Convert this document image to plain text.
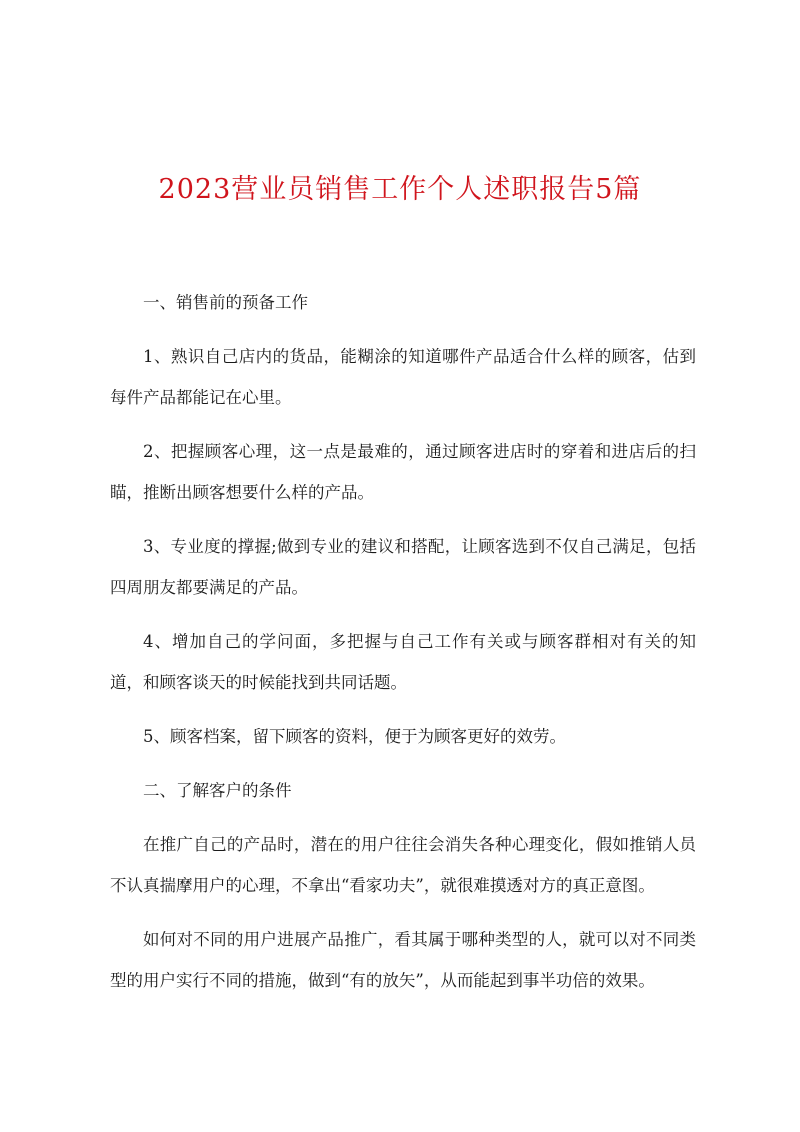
2023营业员销售工作个人述职报告5篇

一、销售前的预备工作

1、熟识自己店内的货品，能糊涂的知道哪件产品适合什么样的顾客，估到每件产品都能记在心里。

2、把握顾客心理，这一点是最难的，通过顾客进店时的穿着和进店后的扫瞄，推断出顾客想要什么样的产品。

3、专业度的撑握;做到专业的建议和搭配，让顾客选到不仅自己满足，包括四周朋友都要满足的产品。

4、增加自己的学问面，多把握与自己工作有关或与顾客群相对有关的知道，和顾客谈天的时候能找到共同话题。

5、顾客档案，留下顾客的资料，便于为顾客更好的效劳。

二、了解客户的条件

在推广自己的产品时，潜在的用户往往会消失各种心理变化，假如推销人员不认真揣摩用户的心理，不拿出“看家功夫”，就很难摸透对方的真正意图。

如何对不同的用户进展产品推广，看其属于哪种类型的人，就可以对不同类型的用户实行不同的措施，做到“有的放矢”，从而能起到事半功倍的效果。
